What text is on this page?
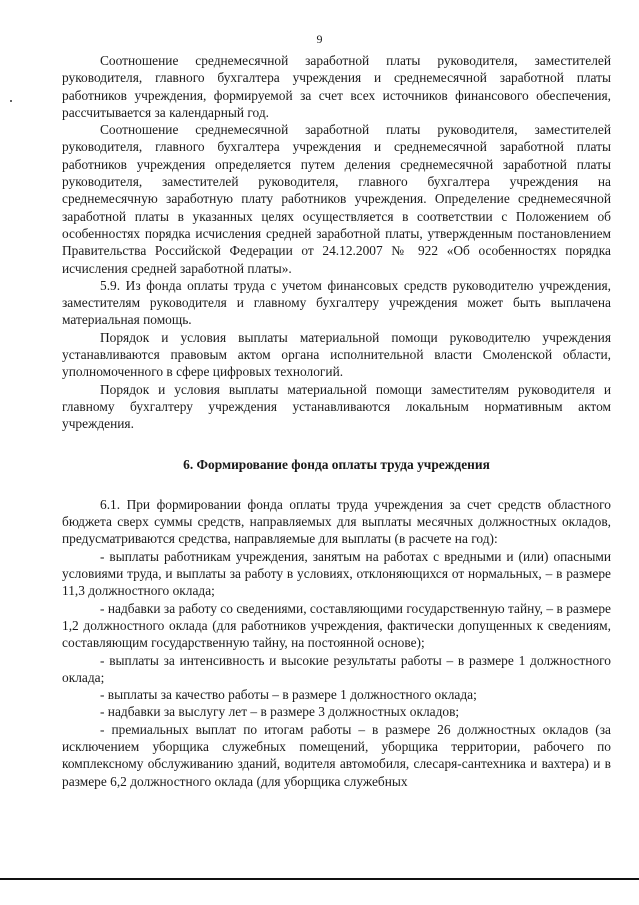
9

Соотношение среднемесячной заработной платы руководителя, заместителей руководителя, главного бухгалтера учреждения и среднемесячной заработной платы работников учреждения, формируемой за счет всех источников финансового обеспечения, рассчитывается за календарный год.

Соотношение среднемесячной заработной платы руководителя, заместителей руководителя, главного бухгалтера учреждения и среднемесячной заработной платы работников учреждения определяется путем деления среднемесячной заработной платы руководителя, заместителей руководителя, главного бухгалтера учреждения на среднемесячную заработную плату работников учреждения. Определение среднемесячной заработной платы в указанных целях осуществляется в соответствии с Положением об особенностях порядка исчисления средней заработной платы, утвержденным постановлением Правительства Российской Федерации от 24.12.2007 № 922 «Об особенностях порядка исчисления средней заработной платы».

5.9. Из фонда оплаты труда с учетом финансовых средств руководителю учреждения, заместителям руководителя и главному бухгалтеру учреждения может быть выплачена материальная помощь.

Порядок и условия выплаты материальной помощи руководителю учреждения устанавливаются правовым актом органа исполнительной власти Смоленской области, уполномоченного в сфере цифровых технологий.

Порядок и условия выплаты материальной помощи заместителям руководителя и главному бухгалтеру учреждения устанавливаются локальным нормативным актом учреждения.

6. Формирование фонда оплаты труда учреждения

6.1. При формировании фонда оплаты труда учреждения за счет средств областного бюджета сверх суммы средств, направляемых для выплаты месячных должностных окладов, предусматриваются средства, направляемые для выплаты (в расчете на год):

- выплаты работникам учреждения, занятым на работах с вредными и (или) опасными условиями труда, и выплаты за работу в условиях, отклоняющихся от нормальных, – в размере 11,3 должностного оклада;

- надбавки за работу со сведениями, составляющими государственную тайну, – в размере 1,2 должностного оклада (для работников учреждения, фактически допущенных к сведениям, составляющим государственную тайну, на постоянной основе);

- выплаты за интенсивность и высокие результаты работы – в размере 1 должностного оклада;

- выплаты за качество работы – в размере 1 должностного оклада;

- надбавки за выслугу лет – в размере 3 должностных окладов;

- премиальных выплат по итогам работы – в размере 26 должностных окладов (за исключением уборщика служебных помещений, уборщика территории, рабочего по комплексному обслуживанию зданий, водителя автомобиля, слесаря-сантехника и вахтера) и в размере 6,2 должностного оклада (для уборщика служебных
